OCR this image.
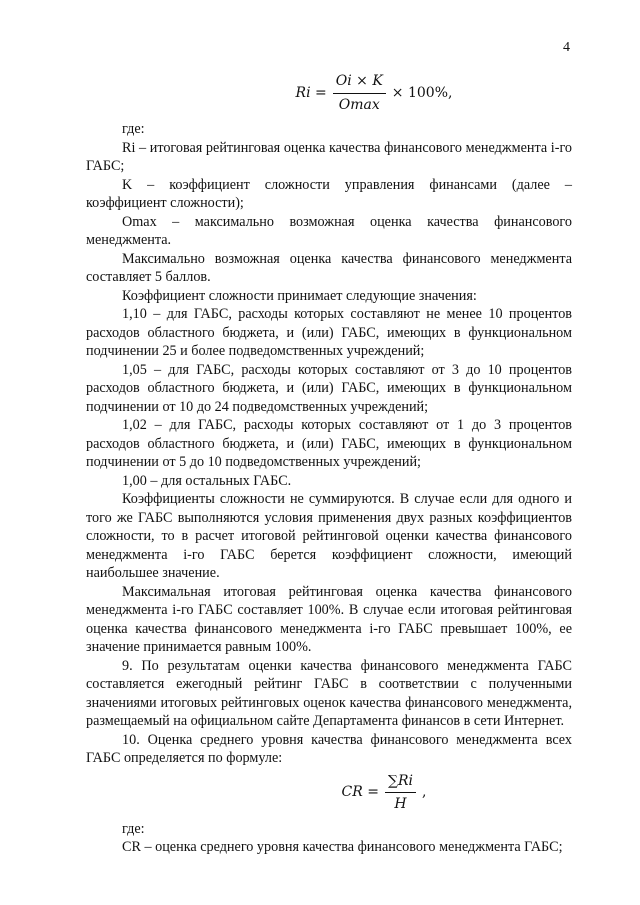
4
$Ri = \frac{Oi \times K}{Omax} \times 100\%$,

где:

Ri – итоговая рейтинговая оценка качества финансового менеджмента i-го ГАБС;

K – коэффициент сложности управления финансами (далее – коэффициент сложности);

Omax – максимально возможная оценка качества финансового менеджмента.

Максимально возможная оценка качества финансового менеджмента составляет 5 баллов.

Коэффициент сложности принимает следующие значения:

1,10 – для ГАБС, расходы которых составляют не менее 10 процентов расходов областного бюджета, и (или) ГАБС, имеющих в функциональном подчинении 25 и более подведомственных учреждений;

1,05 – для ГАБС, расходы которых составляют от 3 до 10 процентов расходов областного бюджета, и (или) ГАБС, имеющих в функциональном подчинении от 10 до 24 подведомственных учреждений;

1,02 – для ГАБС, расходы которых составляют от 1 до 3 процентов расходов областного бюджета, и (или) ГАБС, имеющих в функциональном подчинении от 5 до 10 подведомственных учреждений;

1,00 – для остальных ГАБС.

Коэффициенты сложности не суммируются. В случае если для одного и того же ГАБС выполняются условия применения двух разных коэффициентов сложности, то в расчет итоговой рейтинговой оценки качества финансового менеджмента i-го ГАБС берется коэффициент сложности, имеющий наибольшее значение.

Максимальная итоговая рейтинговая оценка качества финансового менеджмента i-го ГАБС составляет 100%. В случае если итоговая рейтинговая оценка качества финансового менеджмента i-го ГАБС превышает 100%, ее значение принимается равным 100%.

9. По результатам оценки качества финансового менеджмента ГАБС составляется ежегодный рейтинг ГАБС в соответствии с полученными значениями итоговых рейтинговых оценок качества финансового менеджмента, размещаемый на официальном сайте Департамента финансов в сети Интернет.

10. Оценка среднего уровня качества финансового менеджмента всех ГАБС определяется по формуле:

CR = $\frac{\sum Ri}{H}$ ,

где:

CR – оценка среднего уровня качества финансового менеджмента ГАБС;
